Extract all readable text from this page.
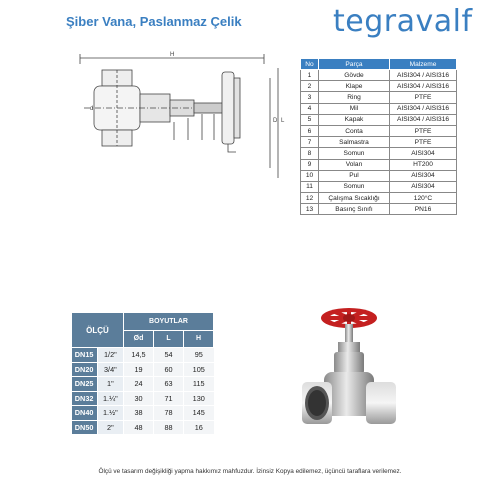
Şiber Vana, Paslanmaz Çelik	tegravalf
H
D L
d
No	Parça	Malzeme
1	Gövde	AISI304 / AISI316
2	Klape	AISI304 / AISI316
3	Ring	PTFE
4	Mil	AISI304 / AISI316
5	Kapak	AISI304 / AISI316
6	Conta	PTFE
7	Salmastra	PTFE
8	Somun	AISI304
9	Volan	HT200
10	Pul	AISI304
11	Somun	AISI304
12	Çalışma Sıcaklığı	120°C
13	Basınç Sınıfı	PN16
ÖLÇÜ		BOYUTLAR		
		Ød	L	H
DN15	1/2"	14,5	54	95
DN20	3/4"	19	60	105
DN25	1"	24	63	115
DN32	1.¼"	30	71	130
DN40	1.½"	38	78	145
DN50	2"	48	88	16
Ölçü ve tasarım değişikliği yapma hakkımız mahfuzdur. İzinsiz Kopya edilemez, üçüncü taraflara verilemez.
